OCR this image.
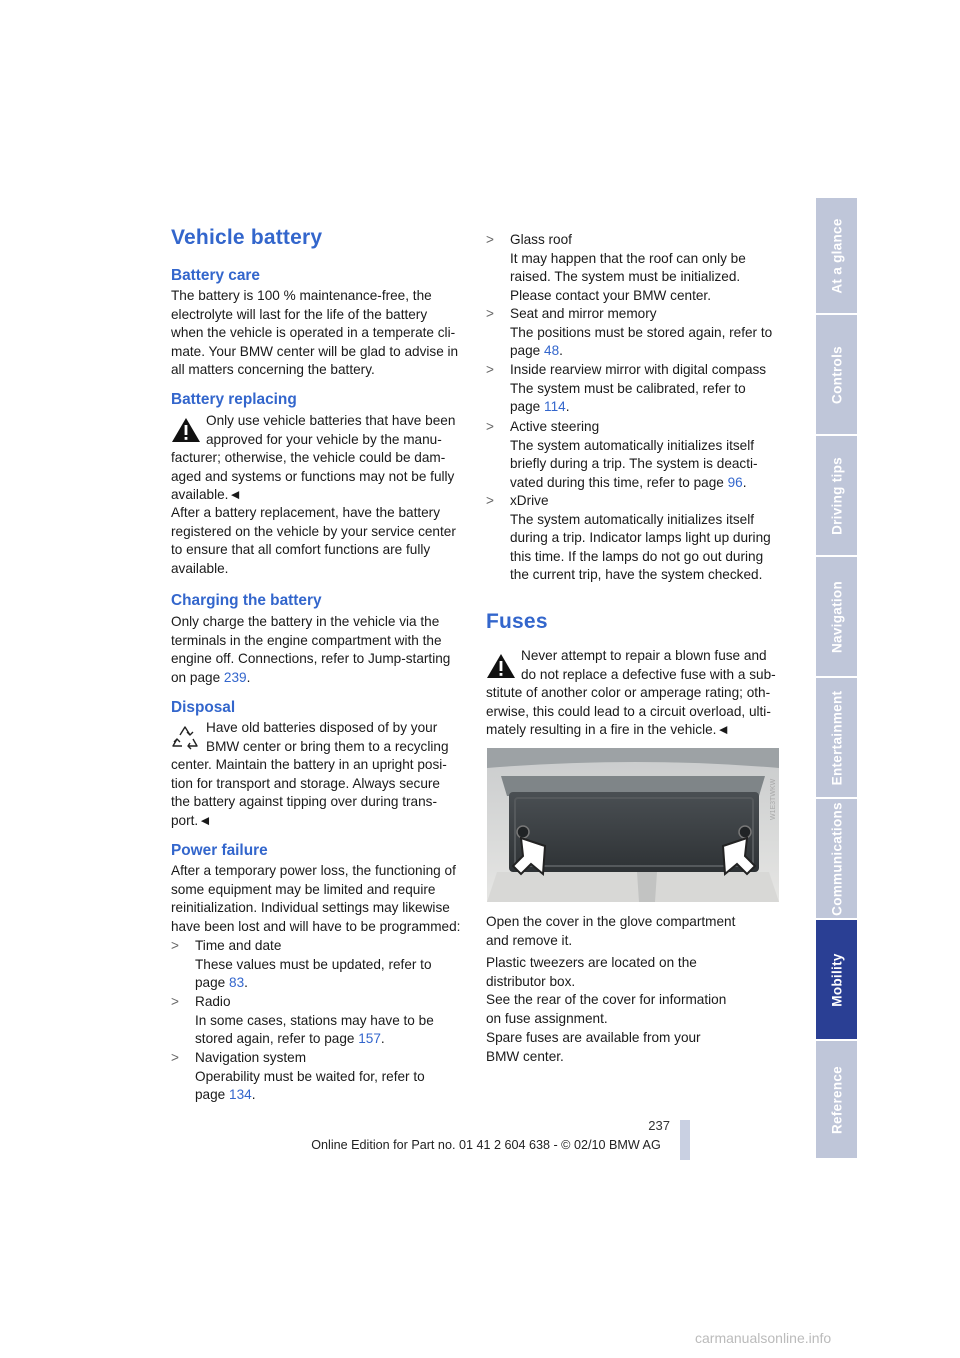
Vehicle battery
Battery care
The battery is 100 % maintenance-free, the
electrolyte will last for the life of the battery
when the vehicle is operated in a temperate cli-
mate. Your BMW center will be glad to advise in
all matters concerning the battery.
Battery replacing
Only use vehicle batteries that have been
approved for your vehicle by the manu-
facturer; otherwise, the vehicle could be dam-
aged and systems or functions may not be fully
available.◄
After a battery replacement, have the battery
registered on the vehicle by your service center
to ensure that all comfort functions are fully
available.
Charging the battery
Only charge the battery in the vehicle via the
terminals in the engine compartment with the
engine off. Connections, refer to Jump-starting
on page 239.
Disposal
Have old batteries disposed of by your
BMW center or bring them to a recycling
center. Maintain the battery in an upright posi-
tion for transport and storage. Always secure
the battery against tipping over during trans-
port.◄
Power failure
After a temporary power loss, the functioning of
some equipment may be limited and require
reinitialization. Individual settings may likewise
have been lost and will have to be programmed:
> Time and date
These values must be updated, refer to
page 83.
> Radio
In some cases, stations may have to be
stored again, refer to page 157.
> Navigation system
Operability must be waited for, refer to
page 134.
> Glass roof
It may happen that the roof can only be
raised. The system must be initialized.
Please contact your BMW center.
> Seat and mirror memory
The positions must be stored again, refer to
page 48.
> Inside rearview mirror with digital compass
The system must be calibrated, refer to
page 114.
> Active steering
The system automatically initializes itself
briefly during a trip. The system is deacti-
vated during this time, refer to page 96.
> xDrive
The system automatically initializes itself
during a trip. Indicator lamps light up during
this time. If the lamps do not go out during
the current trip, have the system checked.
Fuses
Never attempt to repair a blown fuse and
do not replace a defective fuse with a sub-
stitute of another color or amperage rating; oth-
erwise, this could lead to a circuit overload, ulti-
mately resulting in a fire in the vehicle.◄
Open the cover in the glove compartment
and remove it.
Plastic tweezers are located on the
distributor box.
See the rear of the cover for information
on fuse assignment.
Spare fuses are available from your
BMW center.
W1E3TWKW
At a glance
Controls
Driving tips
Navigation
Entertainment
Communications
Mobility
Reference
237
Online Edition for Part no. 01 41 2 604 638 - © 02/10 BMW AG
carmanualsonline.info
